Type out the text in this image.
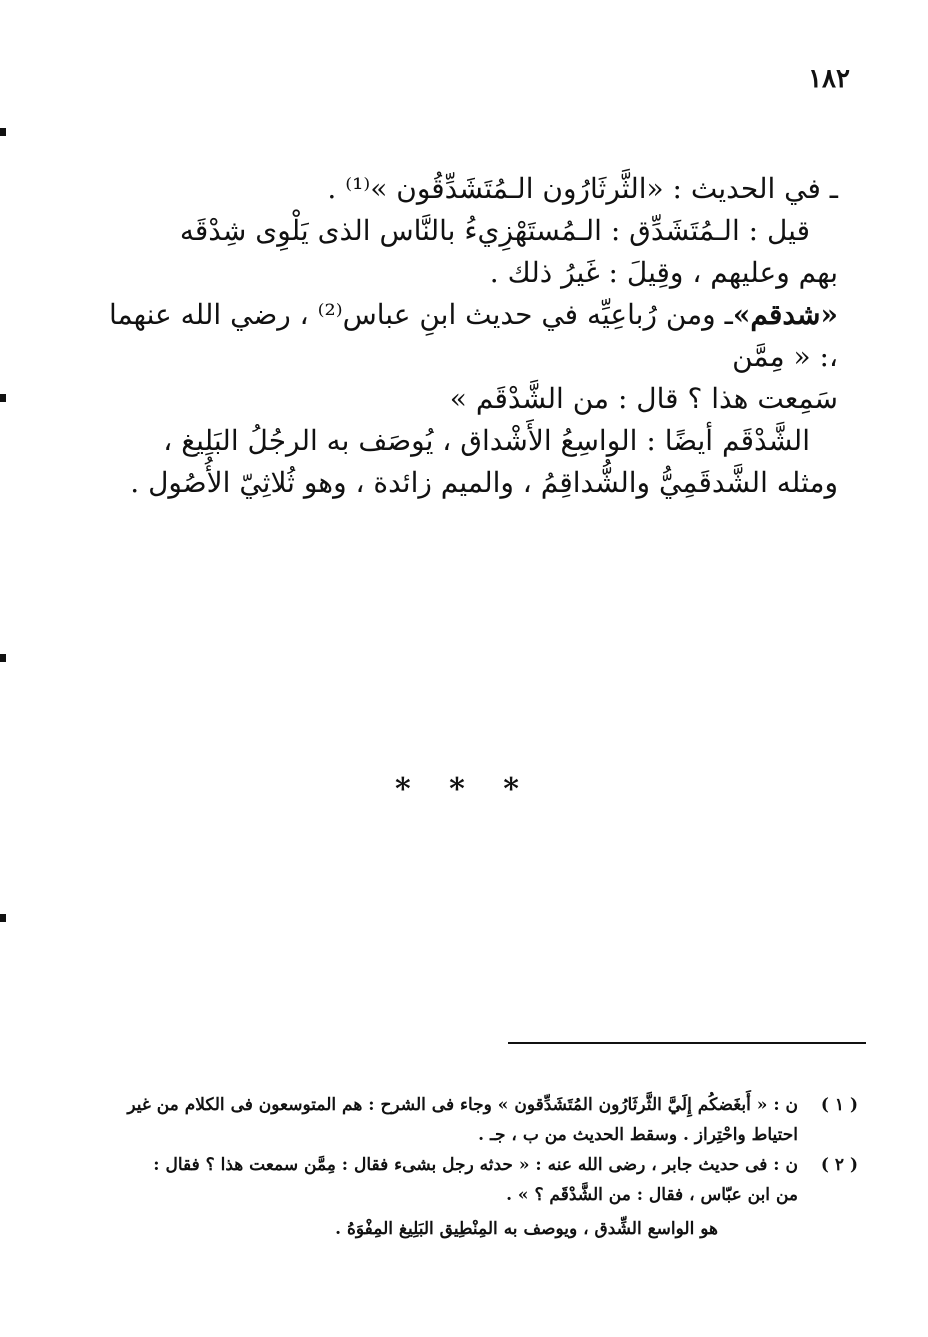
١٨٢

ـ في الحديث : «الثَّرثَارُون الـمُتَشَدِّقُون »⁽¹⁾ .

قيل : الـمُتَشَدِّق : الـمُستَهْزِيءُ بالنَّاس الذى يَلْوِى شِدْقَه

بهم وعليهم ، وقِيلَ : غَيرُ ذلك .

«شدقم»ـ ومن رُباعِيِّه في حديث ابنِ عباس⁽²⁾ ، رضي الله عنهما ،: « مِمَّن

سَمِعت هذا ؟ قال : من الشَّدْقَم »

الشَّدْقَم أيضًا : الواسِعُ الأَشْداق ، يُوصَف به الرجُلُ البَلِيغ ،

ومثله الشَّدقَمِيُّ والشُّداقِمُ ، والميم زائدة ، وهو ثُلاثِيّ الأُصُول .

* * *
( ١ )
ن : « أَبغَضكُم إِلَيَّ الثَّرثَارُون المُتَشَدِّقون » وجاء فى الشرح : هم المتوسعون فى الكلام من غير
احتياط واحْتِراز . وسقط الحديث من ب ، جـ .
( ٢ )
ن : فى حديث جابر ، رضى الله عنه : « حدثه رجل بشىء فقال : مِمَّن سمعت هذا ؟ فقال :
من ابن عبّاس ، فقال : من الشَّدْقَم ؟ » .
هو الواسع الشِّدق ، ويوصف به المِنْطِيق البَلِيغ المِفْوَهُ .
